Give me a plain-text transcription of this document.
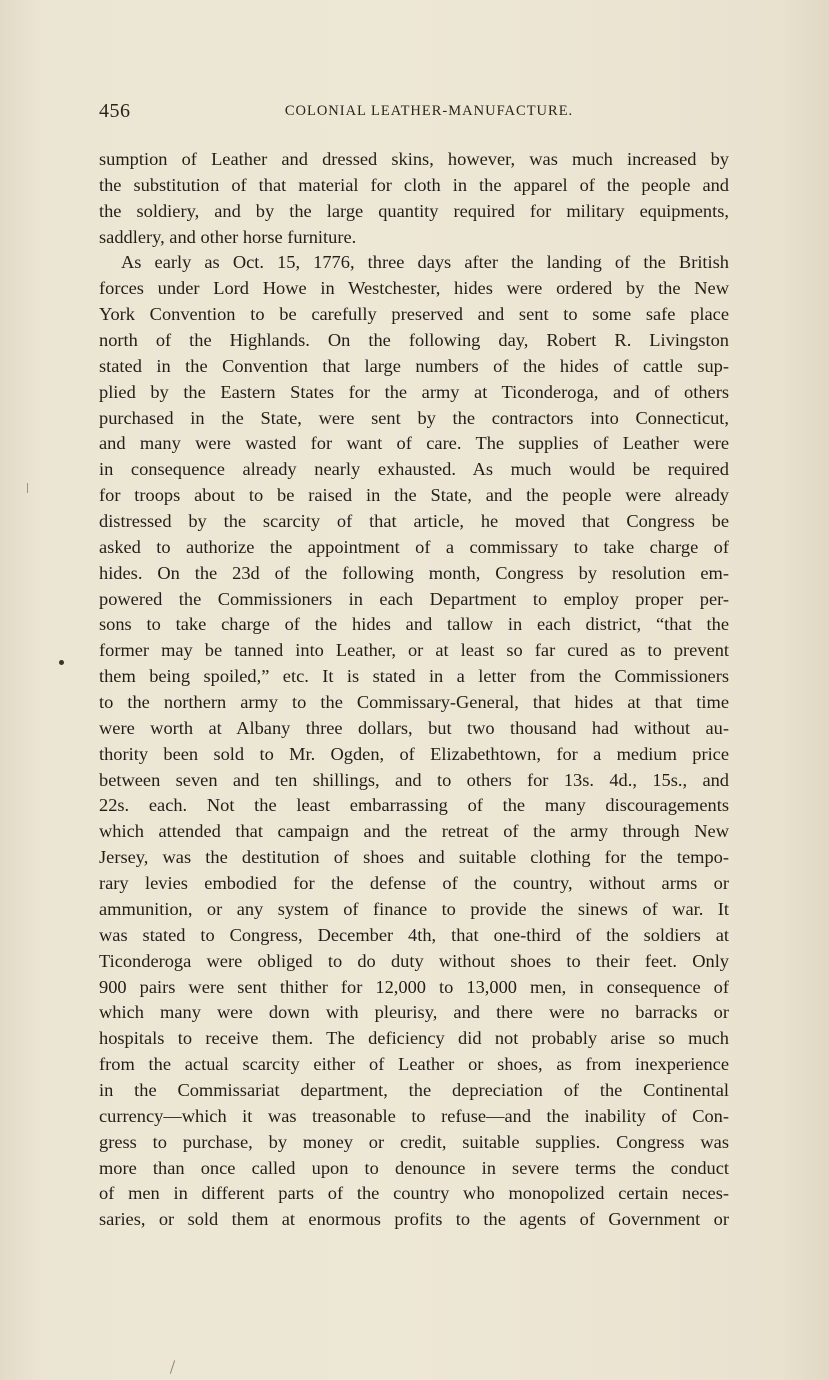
456	COLONIAL LEATHER-MANUFACTURE.
sumption of Leather and dressed skins, however, was much increased by
the substitution of that material for cloth in the apparel of the people and
the soldiery, and by the large quantity required for military equipments,
saddlery, and other horse furniture.
As early as Oct. 15, 1776, three days after the landing of the British
forces under Lord Howe in Westchester, hides were ordered by the New
York Convention to be carefully preserved and sent to some safe place
north of the Highlands. On the following day, Robert R. Livingston
stated in the Convention that large numbers of the hides of cattle sup-
plied by the Eastern States for the army at Ticonderoga, and of others
purchased in the State, were sent by the contractors into Connecticut,
and many were wasted for want of care. The supplies of Leather were
in consequence already nearly exhausted. As much would be required
for troops about to be raised in the State, and the people were already
distressed by the scarcity of that article, he moved that Congress be
asked to authorize the appointment of a commissary to take charge of
hides. On the 23d of the following month, Congress by resolution em-
powered the Commissioners in each Department to employ proper per-
sons to take charge of the hides and tallow in each district, “that the
former may be tanned into Leather, or at least so far cured as to prevent
them being spoiled,” etc. It is stated in a letter from the Commissioners
to the northern army to the Commissary-General, that hides at that time
were worth at Albany three dollars, but two thousand had without au-
thority been sold to Mr. Ogden, of Elizabethtown, for a medium price
between seven and ten shillings, and to others for 13s. 4d., 15s., and
22s. each. Not the least embarrassing of the many discouragements
which attended that campaign and the retreat of the army through New
Jersey, was the destitution of shoes and suitable clothing for the tempo-
rary levies embodied for the defense of the country, without arms or
ammunition, or any system of finance to provide the sinews of war. It
was stated to Congress, December 4th, that one-third of the soldiers at
Ticonderoga were obliged to do duty without shoes to their feet. Only
900 pairs were sent thither for 12,000 to 13,000 men, in consequence of
which many were down with pleurisy, and there were no barracks or
hospitals to receive them. The deficiency did not probably arise so much
from the actual scarcity either of Leather or shoes, as from inexperience
in the Commissariat department, the depreciation of the Continental
currency—which it was treasonable to refuse—and the inability of Con-
gress to purchase, by money or credit, suitable supplies. Congress was
more than once called upon to denounce in severe terms the conduct
of men in different parts of the country who monopolized certain neces-
saries, or sold them at enormous profits to the agents of Government or
